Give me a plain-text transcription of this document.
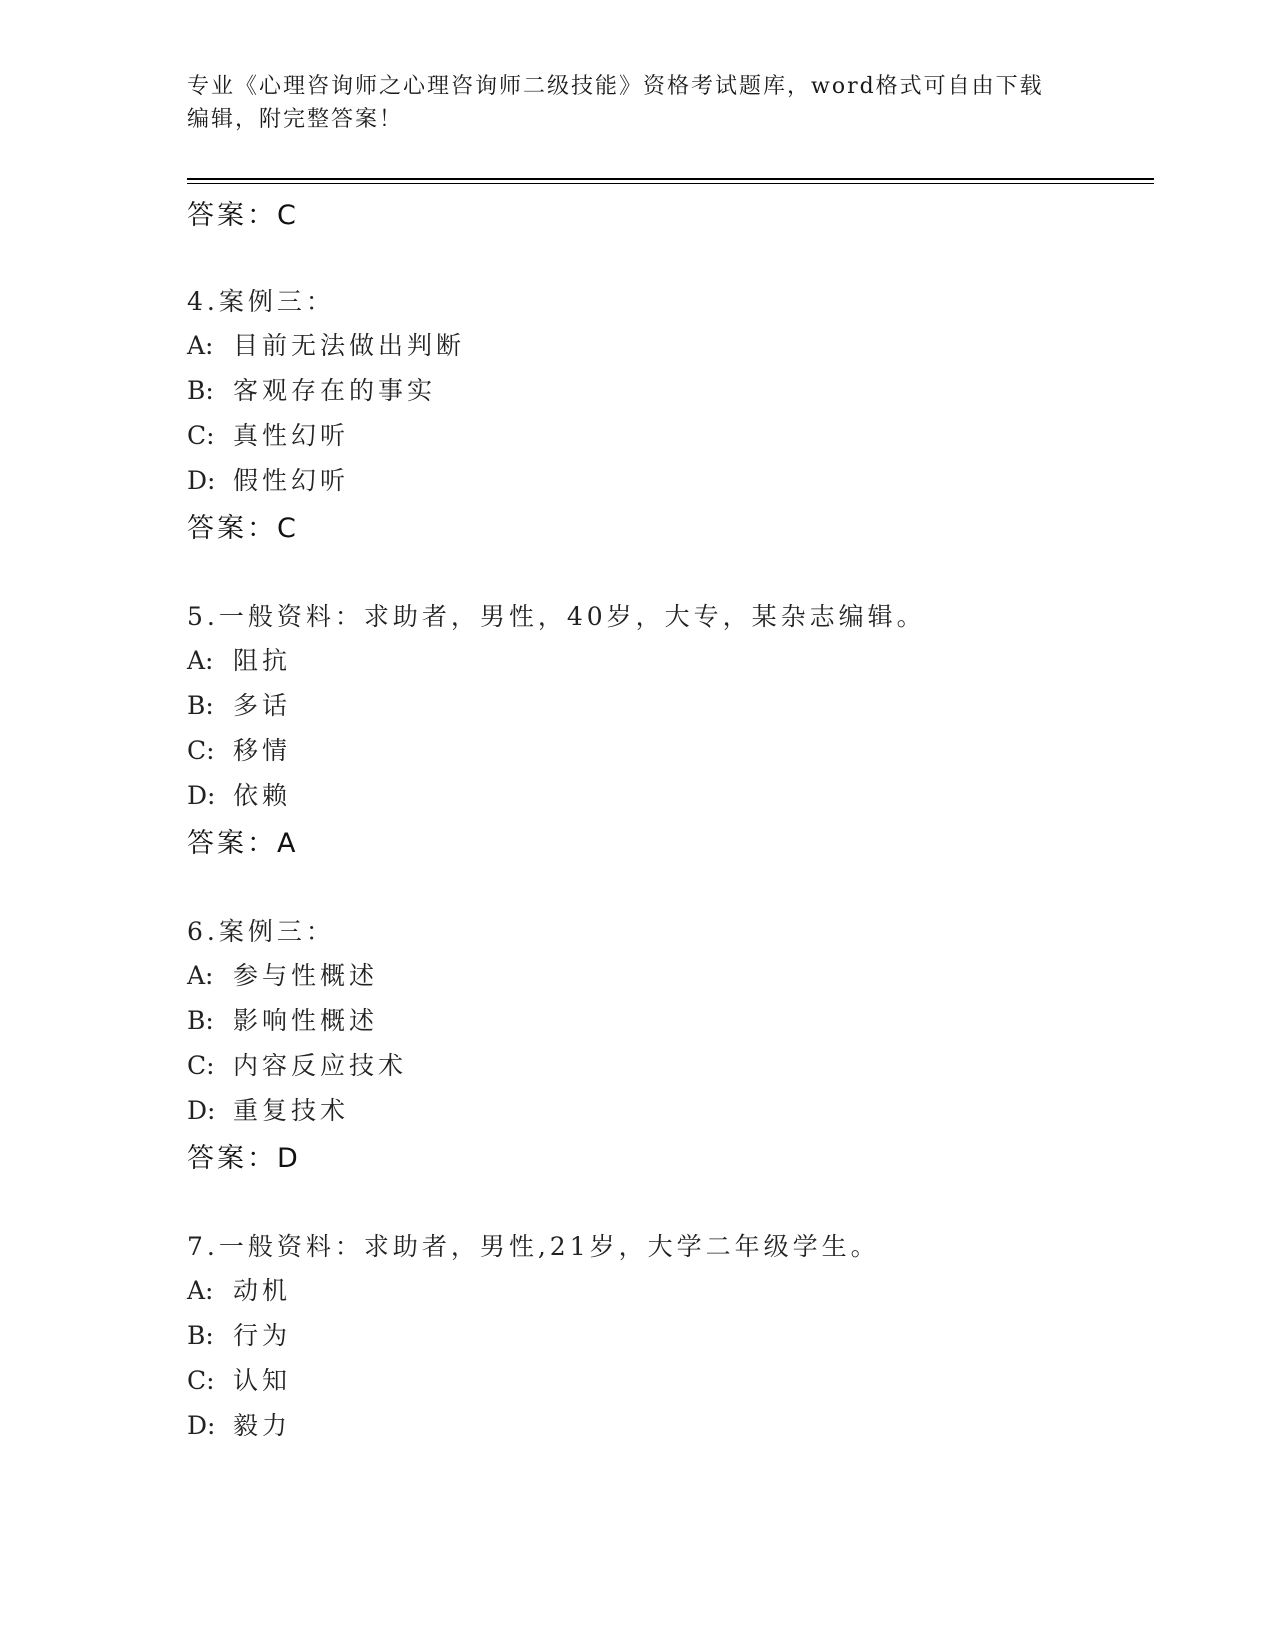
专业《心理咨询师之心理咨询师二级技能》资格考试题库，word格式可自由下载
编辑，附完整答案！
答案：C
4.案例三：
A: 目前无法做出判断
B: 客观存在的事实
C: 真性幻听
D: 假性幻听
答案：C
5.一般资料：求助者，男性，40岁，大专，某杂志编辑。
A: 阻抗
B: 多话
C: 移情
D: 依赖
答案：A
6.案例三：
A: 参与性概述
B: 影响性概述
C: 内容反应技术
D: 重复技术
答案：D
7.一般资料：求助者，男性,21岁，大学二年级学生。
A: 动机
B: 行为
C: 认知
D: 毅力
